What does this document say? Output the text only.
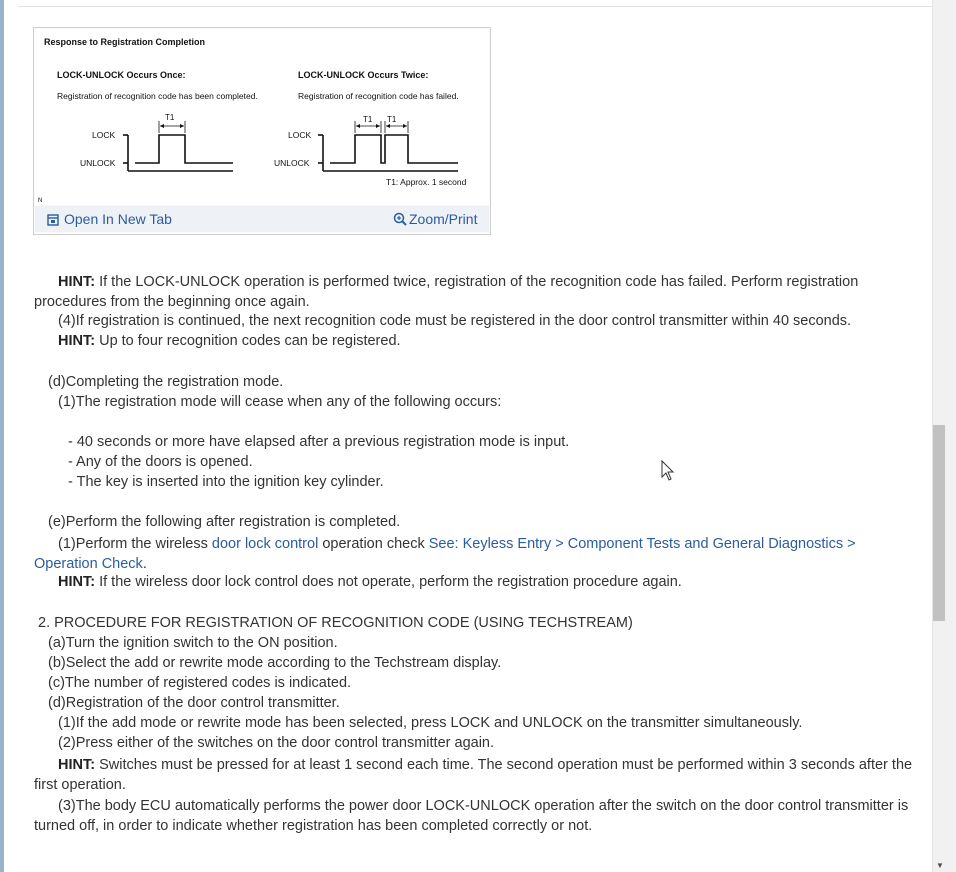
Response to Registration Completion
LOCK-UNLOCK Occurs Once:
Registration of recognition code has been completed.
LOCK-UNLOCK Occurs Twice:
Registration of recognition code has failed.
T1	T1 T1
LOCK
UNLOCK
LOCK
UNLOCK
T1: Approx. 1 second
N
Open In New Tab	Zoom/Print
HINT: If the LOCK-UNLOCK operation is performed twice, registration of the recognition code has failed. Perform registration procedures from the beginning once again.
(4)If registration is continued, the next recognition code must be registered in the door control transmitter within 40 seconds.
HINT: Up to four recognition codes can be registered.
(d)Completing the registration mode.
(1)The registration mode will cease when any of the following occurs:
- 40 seconds or more have elapsed after a previous registration mode is input.
- Any of the doors is opened.
- The key is inserted into the ignition key cylinder.
(e)Perform the following after registration is completed.
(1)Perform the wireless door lock control operation check See: Keyless Entry > Component Tests and General Diagnostics > Operation Check.
HINT: If the wireless door lock control does not operate, perform the registration procedure again.
2. PROCEDURE FOR REGISTRATION OF RECOGNITION CODE (USING TECHSTREAM)
(a)Turn the ignition switch to the ON position.
(b)Select the add or rewrite mode according to the Techstream display.
(c)The number of registered codes is indicated.
(d)Registration of the door control transmitter.
(1)If the add mode or rewrite mode has been selected, press LOCK and UNLOCK on the transmitter simultaneously.
(2)Press either of the switches on the door control transmitter again.
HINT: Switches must be pressed for at least 1 second each time. The second operation must be performed within 3 seconds after the first operation.
(3)The body ECU automatically performs the power door LOCK-UNLOCK operation after the switch on the door control transmitter is turned off, in order to indicate whether registration has been completed correctly or not.
▼
